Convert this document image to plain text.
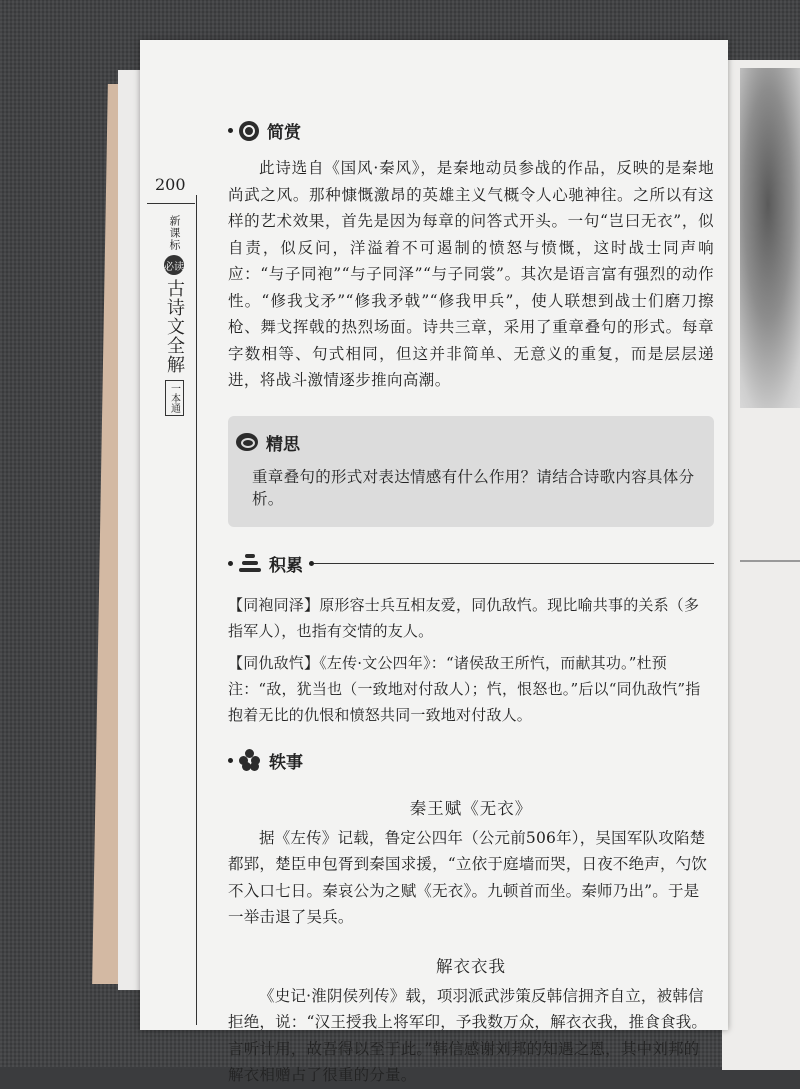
200
新课标
必读
古诗文全解
一本通
简赏

此诗选自《国风·秦风》，是秦地动员参战的作品，反映的是秦地尚武之风。那种慷慨激昂的英雄主义气概令人心驰神往。之所以有这样的艺术效果，首先是因为每章的问答式开头。一句“岂曰无衣”，似自责，似反问，洋溢着不可遏制的愤怒与愤慨，这时战士同声响应：“与子同袍”“与子同泽”“与子同裳”。其次是语言富有强烈的动作性。“修我戈矛”“修我矛戟”“修我甲兵”，使人联想到战士们磨刀擦枪、舞戈挥戟的热烈场面。诗共三章，采用了重章叠句的形式。每章字数相等、句式相同，但这并非简单、无意义的重复，而是层层递进，将战斗激情逐步推向高潮。

精思
重章叠句的形式对表达情感有什么作用？请结合诗歌内容具体分析。
积累

【同袍同泽】原形容士兵互相友爱，同仇敌忾。现比喻共事的关系（多指军人），也指有交情的友人。

【同仇敌忾】《左传·文公四年》：“诸侯敌王所忾，而献其功。”杜预注：“敌，犹当也（一致地对付敌人）；忾，恨怒也。”后以“同仇敌忾”指抱着无比的仇恨和愤怒共同一致地对付敌人。

轶事
秦王赋《无衣》

据《左传》记载，鲁定公四年（公元前506年），吴国军队攻陷楚都郢，楚臣申包胥到秦国求援，“立依于庭墙而哭，日夜不绝声，勺饮不入口七日。秦哀公为之赋《无衣》。九顿首而坐。秦师乃出”。于是一举击退了吴兵。

解衣衣我

《史记·淮阴侯列传》载，项羽派武涉策反韩信拥齐自立，被韩信拒绝，说：“汉王授我上将军印，予我数万众，解衣衣我，推食食我。言听计用，故吾得以至于此。”韩信感谢刘邦的知遇之恩，其中刘邦的解衣相赠占了很重的分量。
